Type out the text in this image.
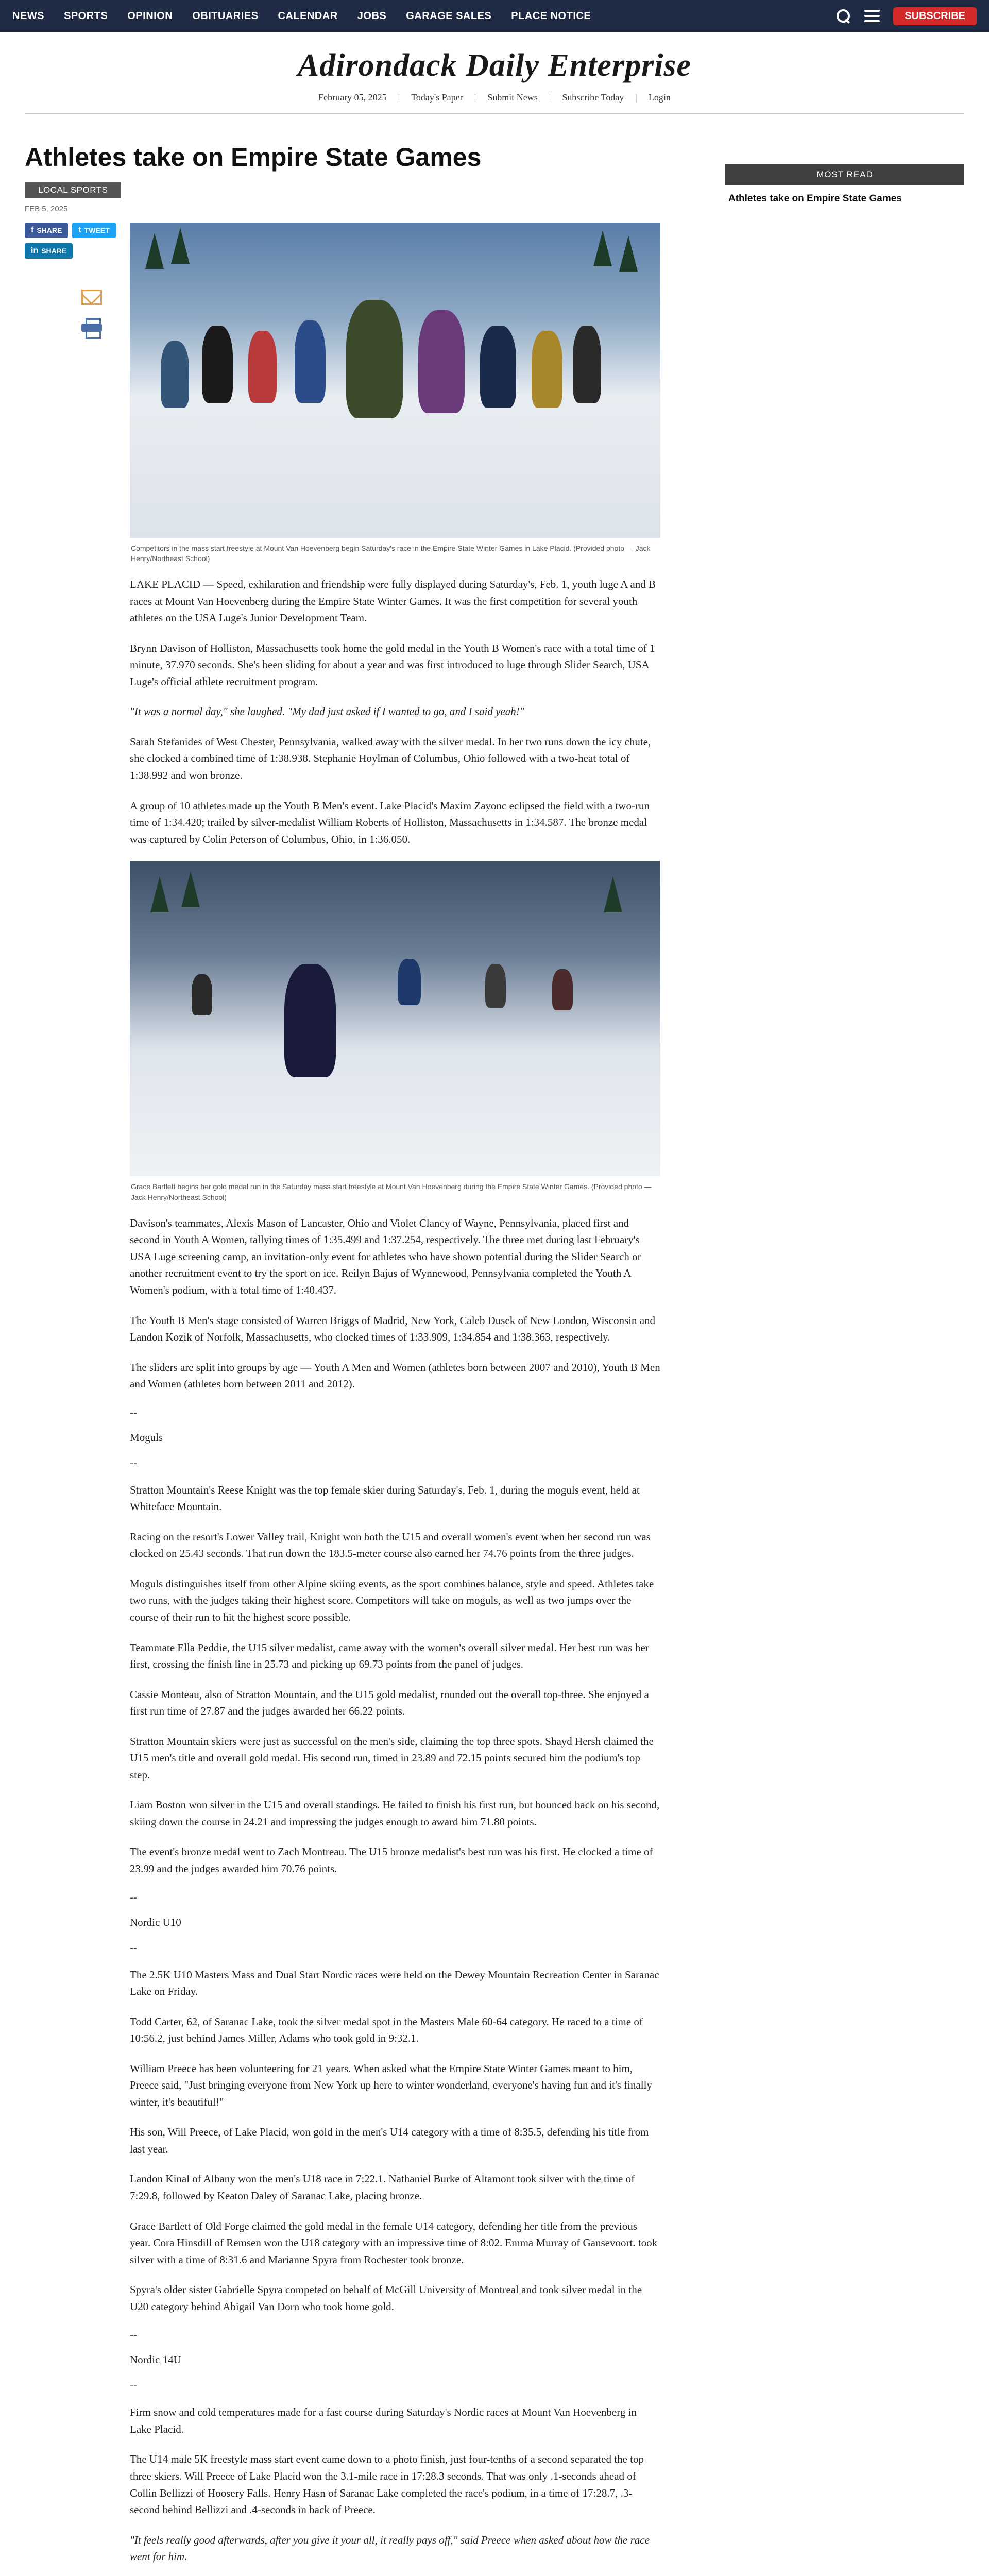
NEWS SPORTS OPINION OBITUARIES CALENDAR JOBS GARAGE SALES PLACE NOTICE	SUBSCRIBE
Adirondack Daily Enterprise
February 05, 2025 | Today's Paper | Submit News | Subscribe Today | Login
Athletes take on Empire State Games
LOCAL SPORTS
FEB 5, 2025
f SHARE t TWEET
in SHARE
Competitors in the mass start freestyle at Mount Van Hoevenberg begin Saturday's race in the Empire State Winter Games in Lake Placid. (Provided photo — Jack Henry/Northeast School)

LAKE PLACID — Speed, exhilaration and friendship were fully displayed during Saturday's, Feb. 1, youth luge A and B races at Mount Van Hoevenberg during the Empire State Winter Games. It was the first competition for several youth athletes on the USA Luge's Junior Development Team.

Brynn Davison of Holliston, Massachusetts took home the gold medal in the Youth B Women's race with a total time of 1 minute, 37.970 seconds. She's been sliding for about a year and was first introduced to luge through Slider Search, USA Luge's official athlete recruitment program.

"It was a normal day," she laughed. "My dad just asked if I wanted to go, and I said yeah!"

Sarah Stefanides of West Chester, Pennsylvania, walked away with the silver medal. In her two runs down the icy chute, she clocked a combined time of 1:38.938. Stephanie Hoylman of Columbus, Ohio followed with a two-heat total of 1:38.992 and won bronze.

A group of 10 athletes made up the Youth B Men's event. Lake Placid's Maxim Zayonc eclipsed the field with a two-run time of 1:34.420; trailed by silver-medalist William Roberts of Holliston, Massachusetts in 1:34.587. The bronze medal was captured by Colin Peterson of Columbus, Ohio, in 1:36.050.

Grace Bartlett begins her gold medal run in the Saturday mass start freestyle at Mount Van Hoevenberg during the Empire State Winter Games. (Provided photo — Jack Henry/Northeast School)

Davison's teammates, Alexis Mason of Lancaster, Ohio and Violet Clancy of Wayne, Pennsylvania, placed first and second in Youth A Women, tallying times of 1:35.499 and 1:37.254, respectively. The three met during last February's USA Luge screening camp, an invitation-only event for athletes who have shown potential during the Slider Search or another recruitment event to try the sport on ice. Reilyn Bajus of Wynnewood, Pennsylvania completed the Youth A Women's podium, with a total time of 1:40.437.

The Youth B Men's stage consisted of Warren Briggs of Madrid, New York, Caleb Dusek of New London, Wisconsin and Landon Kozik of Norfolk, Massachusetts, who clocked times of 1:33.909, 1:34.854 and 1:38.363, respectively.

The sliders are split into groups by age — Youth A Men and Women (athletes born between 2007 and 2010), Youth B Men and Women (athletes born between 2011 and 2012).

--
Moguls
--

Stratton Mountain's Reese Knight was the top female skier during Saturday's, Feb. 1, during the moguls event, held at Whiteface Mountain.

Racing on the resort's Lower Valley trail, Knight won both the U15 and overall women's event when her second run was clocked on 25.43 seconds. That run down the 183.5-meter course also earned her 74.76 points from the three judges.

Moguls distinguishes itself from other Alpine skiing events, as the sport combines balance, style and speed. Athletes take two runs, with the judges taking their highest score. Competitors will take on moguls, as well as two jumps over the course of their run to hit the highest score possible.

Teammate Ella Peddie, the U15 silver medalist, came away with the women's overall silver medal. Her best run was her first, crossing the finish line in 25.73 and picking up 69.73 points from the panel of judges.

Cassie Monteau, also of Stratton Mountain, and the U15 gold medalist, rounded out the overall top-three. She enjoyed a first run time of 27.87 and the judges awarded her 66.22 points.

Stratton Mountain skiers were just as successful on the men's side, claiming the top three spots. Shayd Hersh claimed the U15 men's title and overall gold medal. His second run, timed in 23.89 and 72.15 points secured him the podium's top step.

Liam Boston won silver in the U15 and overall standings. He failed to finish his first run, but bounced back on his second, skiing down the course in 24.21 and impressing the judges enough to award him 71.80 points.

The event's bronze medal went to Zach Montreau. The U15 bronze medalist's best run was his first. He clocked a time of 23.99 and the judges awarded him 70.76 points.

--
Nordic U10
--

The 2.5K U10 Masters Mass and Dual Start Nordic races were held on the Dewey Mountain Recreation Center in Saranac Lake on Friday.

Todd Carter, 62, of Saranac Lake, took the silver medal spot in the Masters Male 60-64 category. He raced to a time of 10:56.2, just behind James Miller, Adams who took gold in 9:32.1.

William Preece has been volunteering for 21 years. When asked what the Empire State Winter Games meant to him, Preece said, "Just bringing everyone from New York up here to winter wonderland, everyone's having fun and it's finally winter, it's beautiful!"

His son, Will Preece, of Lake Placid, won gold in the men's U14 category with a time of 8:35.5, defending his title from last year.

Landon Kinal of Albany won the men's U18 race in 7:22.1. Nathaniel Burke of Altamont took silver with the time of 7:29.8, followed by Keaton Daley of Saranac Lake, placing bronze.

Grace Bartlett of Old Forge claimed the gold medal in the female U14 category, defending her title from the previous year. Cora Hinsdill of Remsen won the U18 category with an impressive time of 8:02. Emma Murray of Gansevoort. took silver with a time of 8:31.6 and Marianne Spyra from Rochester took bronze.

Spyra's older sister Gabrielle Spyra competed on behalf of McGill University of Montreal and took silver medal in the U20 category behind Abigail Van Dorn who took home gold.

--
Nordic 14U
--

Firm snow and cold temperatures made for a fast course during Saturday's Nordic races at Mount Van Hoevenberg in Lake Placid.

The U14 male 5K freestyle mass start event came down to a photo finish, just four-tenths of a second separated the top three skiers. Will Preece of Lake Placid won the 3.1-mile race in 17:28.3 seconds. That was only .1-seconds ahead of Collin Bellizzi of Hoosery Falls. Henry Hasn of Saranac Lake completed the race's podium, in a time of 17:28.7, .3-second behind Bellizzi and .4-seconds in back of Preece.

"It feels really good afterwards, after you give it your all, it really pays off," said Preece when asked about how the race went for him.

MOST READ
Athletes take on Empire State Games
